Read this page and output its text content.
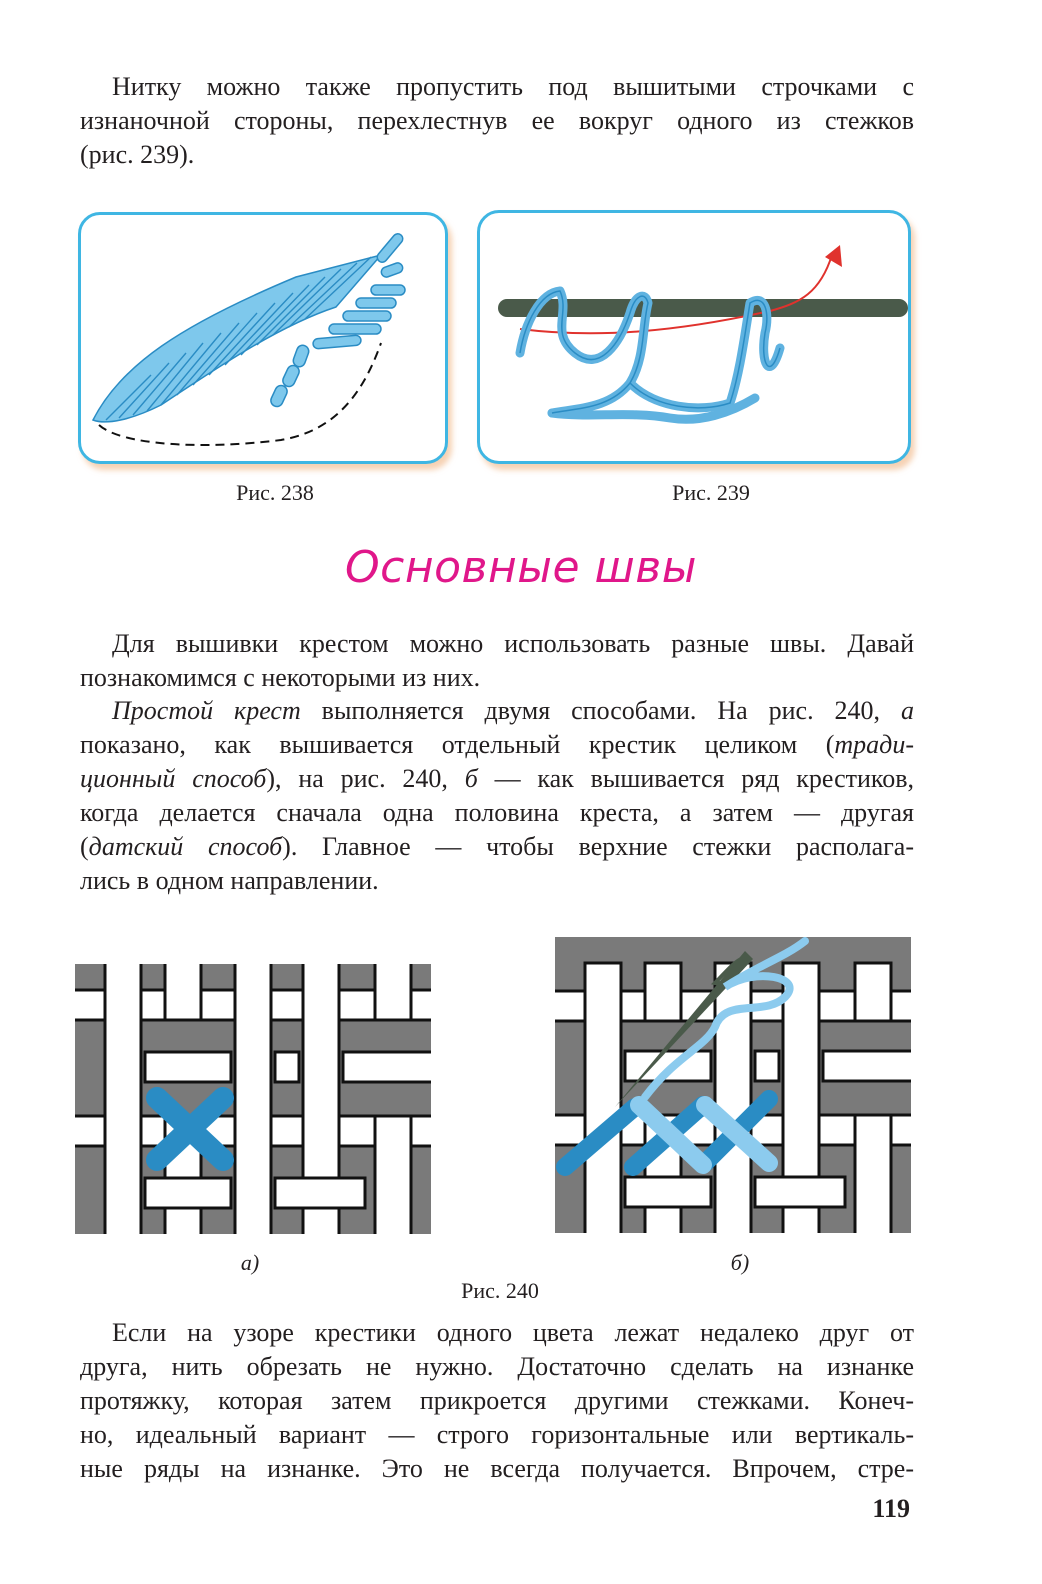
Нитку можно также пропустить под вышитыми строчками с
изнаночной стороны, перехлестнув ее вокруг одного из стежков
(рис. 239).
Рис. 238	Рис. 239
Основные швы
Для вышивки крестом можно использовать разные швы. Давай
познакомимся с некоторыми из них.
Простой крест выполняется двумя способами. На рис. 240, а
показано, как вышивается отдельный крестик целиком (тради-
ционный способ), на рис. 240, б — как вышивается ряд крестиков,
когда делается сначала одна половина креста, а затем — другая
(датский способ). Главное — чтобы верхние стежки располага-
лись в одном направлении.
а)	б)
Рис. 240
Если на узоре крестики одного цвета лежат недалеко друг от
друга, нить обрезать не нужно. Достаточно сделать на изнанке
протяжку, которая затем прикроется другими стежками. Конеч-
но, идеальный вариант — строго горизонтальные или вертикаль-
ные ряды на изнанке. Это не всегда получается. Впрочем, стре-
119
